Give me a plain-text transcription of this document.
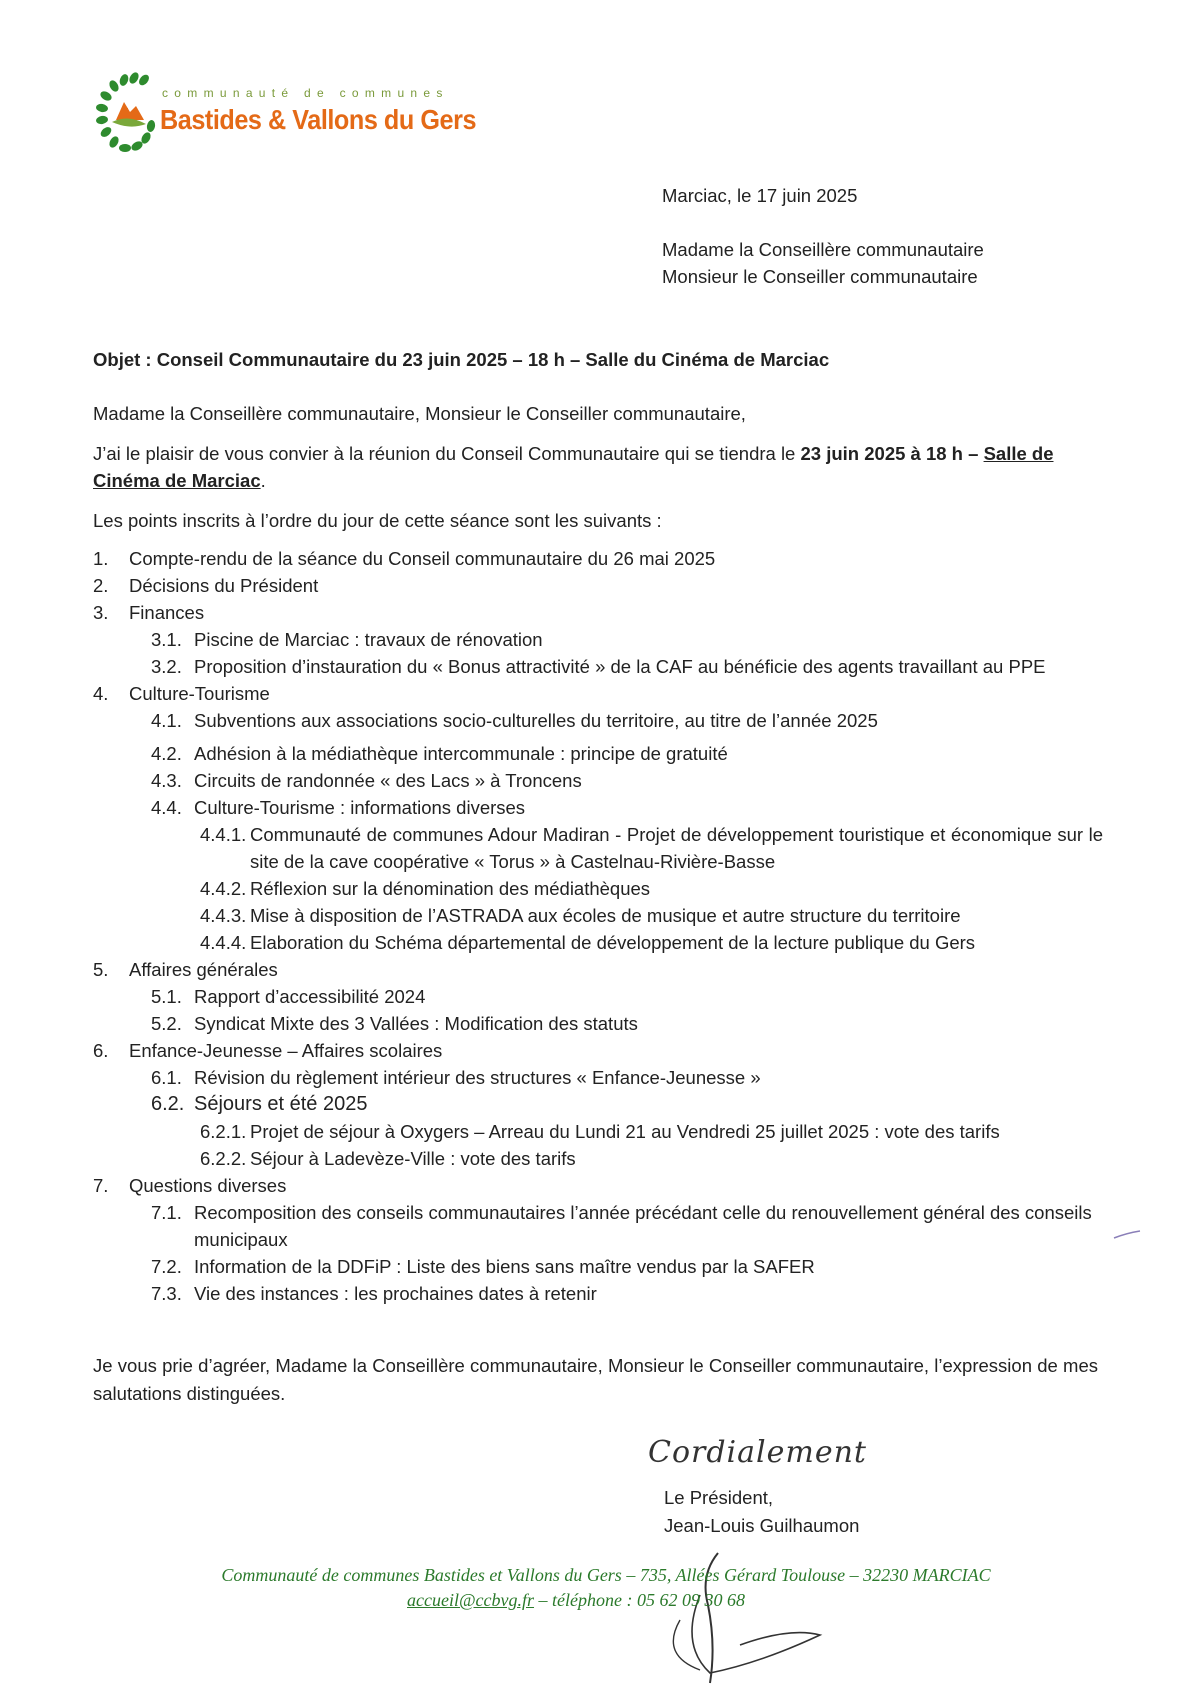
communauté de communes
Bastides & Vallons du Gers
Marciac, le 17 juin 2025
Madame la Conseillère communautaire
Monsieur le Conseiller communautaire
Objet : Conseil Communautaire du 23 juin 2025 – 18 h – Salle du Cinéma de Marciac
Madame la Conseillère communautaire, Monsieur le Conseiller communautaire,
J’ai le plaisir de vous convier à la réunion du Conseil Communautaire qui se tiendra le 23 juin 2025 à 18 h – Salle de Cinéma de Marciac.
Les points inscrits à l’ordre du jour de cette séance sont les suivants :
1. Compte-rendu de la séance du Conseil communautaire du 26 mai 2025
2. Décisions du Président
3. Finances
3.1. Piscine de Marciac : travaux de rénovation
3.2. Proposition d’instauration du « Bonus attractivité » de la CAF au bénéficie des agents travaillant au PPE
4. Culture-Tourisme
4.1. Subventions aux associations socio-culturelles du territoire, au titre de l’année 2025
4.2. Adhésion à la médiathèque intercommunale : principe de gratuité
4.3. Circuits de randonnée « des Lacs » à Troncens
4.4. Culture-Tourisme : informations diverses
4.4.1. Communauté de communes Adour Madiran - Projet de développement touristique et économique sur le site de la cave coopérative « Torus » à Castelnau-Rivière-Basse
4.4.2. Réflexion sur la dénomination des médiathèques
4.4.3. Mise à disposition de l’ASTRADA aux écoles de musique et autre structure du territoire
4.4.4. Elaboration du Schéma départemental de développement de la lecture publique du Gers
5. Affaires générales
5.1. Rapport d’accessibilité 2024
5.2. Syndicat Mixte des 3 Vallées : Modification des statuts
6. Enfance-Jeunesse – Affaires scolaires
6.1. Révision du règlement intérieur des structures « Enfance-Jeunesse »
6.2. Séjours et été 2025
6.2.1. Projet de séjour à Oxygers – Arreau du Lundi 21 au Vendredi 25 juillet 2025 : vote des tarifs
6.2.2. Séjour à Ladevèze-Ville : vote des tarifs
7. Questions diverses
7.1. Recomposition des conseils communautaires l’année précédant celle du renouvellement général des conseils municipaux
7.2. Information de la DDFiP : Liste des biens sans maître vendus par la SAFER
7.3. Vie des instances : les prochaines dates à retenir
Je vous prie d’agréer, Madame la Conseillère communautaire, Monsieur le Conseiller communautaire, l’expression de mes salutations distinguées.
Cordialement
Le Président,
Jean-Louis Guilhaumon
Communauté de communes Bastides et Vallons du Gers – 735, Allées Gérard Toulouse – 32230 MARCIAC
accueil@ccbvg.fr – téléphone : 05 62 09 30 68
